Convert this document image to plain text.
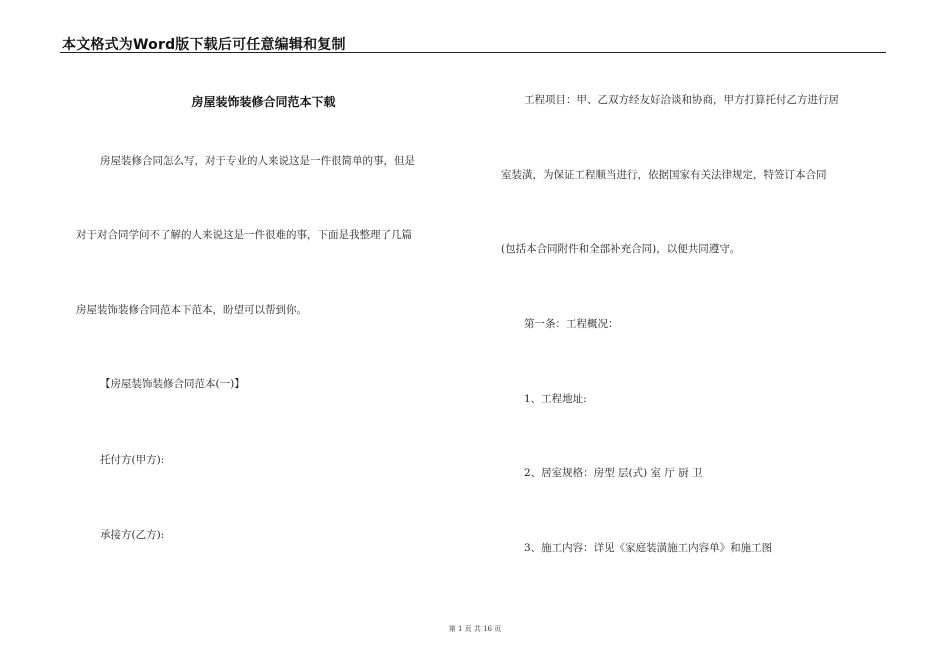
本文格式为Word版下载后可任意编辑和复制
房屋装饰装修合同范本下载
房屋装修合同怎么写，对于专业的人来说这是一件很简单的事，但是
对于对合同学问不了解的人来说这是一件很难的事，下面是我整理了几篇
房屋装饰装修合同范本下范本，盼望可以帮到你。
【房屋装饰装修合同范本(一)】
托付方(甲方):
承接方(乙方):
工程项目：甲、乙双方经友好洽谈和协商，甲方打算托付乙方进行居
室装潢，为保证工程顺当进行，依据国家有关法律规定，特签订本合同
(包括本合同附件和全部补充合同)，以便共同遵守。
第一条：工程概况：
1、工程地址:
2、居室规格：房型 层(式) 室 厅 厨 卫
3、施工内容：详见《家庭装潢施工内容单》和施工图
第 1 页 共 16 页
